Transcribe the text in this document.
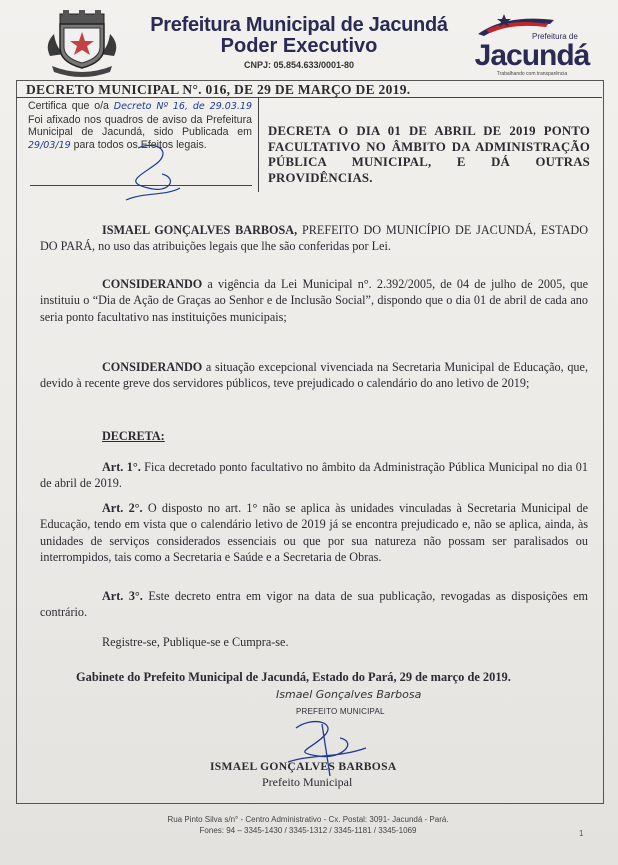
Prefeitura Municipal de Jacundá
Poder Executivo
CNPJ: 05.854.633/0001-80
Prefeitura de
Jacundá
Trabalhando com transparência
DECRETO MUNICIPAL N°. 016, DE 29 DE MARÇO DE 2019.
Certifica que o/a Decreto Nº 16, de 29.03.19 Foi afixado nos quadros de aviso da Prefeitura Municipal de Jacundá, sido Publicada em 29/03/19 para todos os Efeitos legais.
DECRETA O DIA 01 DE ABRIL DE 2019 PONTO FACULTATIVO NO ÂMBITO DA ADMINISTRAÇÃO PÚBLICA MUNICIPAL, E DÁ OUTRAS PROVIDÊNCIAS.
ISMAEL GONÇALVES BARBOSA, PREFEITO DO MUNICÍPIO DE JACUNDÁ, ESTADO DO PARÁ, no uso das atribuições legais que lhe são conferidas por Lei.
CONSIDERANDO a vigência da Lei Municipal n°. 2.392/2005, de 04 de julho de 2005, que instituiu o “Dia de Ação de Graças ao Senhor e de Inclusão Social”, dispondo que o dia 01 de abril de cada ano seria ponto facultativo nas instituições municipais;
CONSIDERANDO a situação excepcional vivenciada na Secretaria Municipal de Educação, que, devido à recente greve dos servidores públicos, teve prejudicado o calendário do ano letivo de 2019;
DECRETA:
Art. 1°. Fica decretado ponto facultativo no âmbito da Administração Pública Municipal no dia 01 de abril de 2019.
Art. 2°. O disposto no art. 1° não se aplica às unidades vinculadas à Secretaria Municipal de Educação, tendo em vista que o calendário letivo de 2019 já se encontra prejudicado e, não se aplica, ainda, às unidades de serviços considerados essenciais ou que por sua natureza não possam ser paralisados ou interrompidos, tais como a Secretaria e Saúde e a Secretaria de Obras.
Art. 3°. Este decreto entra em vigor na data de sua publicação, revogadas as disposições em contrário.
Registre-se, Publique-se e Cumpra-se.
Gabinete do Prefeito Municipal de Jacundá, Estado do Pará, 29 de março de 2019.
Ismael Gonçalves Barbosa
PREFEITO MUNICIPAL
ISMAEL GONÇALVES BARBOSA
Prefeito Municipal
Rua Pinto Silva s/n° - Centro Administrativo - Cx. Postal: 3091- Jacundá - Pará.
Fones: 94 – 3345-1430 / 3345-1312 / 3345-1181 / 3345-1069	1
